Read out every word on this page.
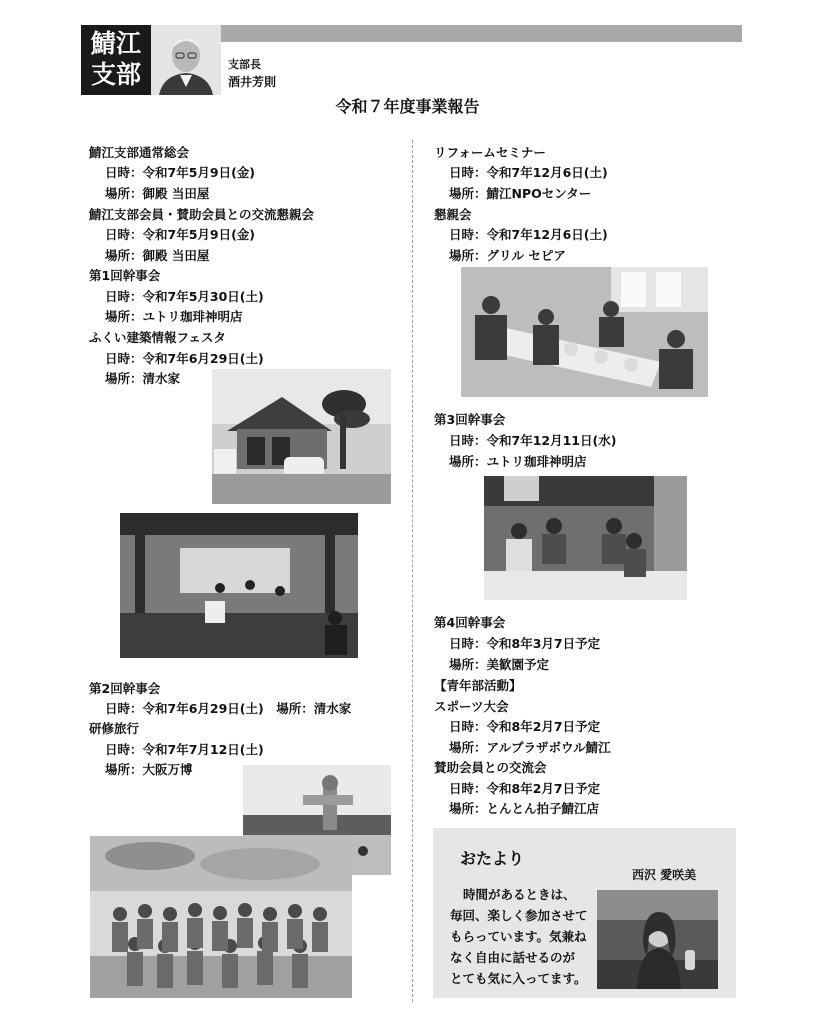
鯖江
支部	支部長
酒井芳則
令和７年度事業報告
鯖江支部通常総会
日時：令和7年5月9日(金)
場所：御殿 当田屋
鯖江支部会員・賛助会員との交流懇親会
日時：令和7年5月9日(金)
場所：御殿 当田屋
第1回幹事会
日時：令和7年5月30日(土)
場所：ユトリ珈琲神明店
ふくい建築情報フェスタ
日時：令和7年6月29日(土)
場所：清水家
第2回幹事会
日時：令和7年6月29日(土)　場所：清水家
研修旅行
日時：令和7年7月12日(土)
場所：大阪万博
リフォームセミナー
日時：令和7年12月6日(土)
場所：鯖江NPOセンター
懇親会
日時：令和7年12月6日(土)
場所：グリル セピア
第3回幹事会
日時：令和7年12月11日(水)
場所：ユトリ珈琲神明店
第4回幹事会
日時：令和8年3月7日予定
場所：美歓園予定
【青年部活動】
スポーツ大会
日時：令和8年2月7日予定
場所：アルプラザボウル鯖江
賛助会員との交流会
日時：令和8年2月7日予定
場所：とんとん拍子鯖江店
おたより
西沢 愛咲美
時間があるときは、
毎回、楽しく参加させて
もらっています。気兼ね
なく自由に話せるのが
とても気に入ってます。
